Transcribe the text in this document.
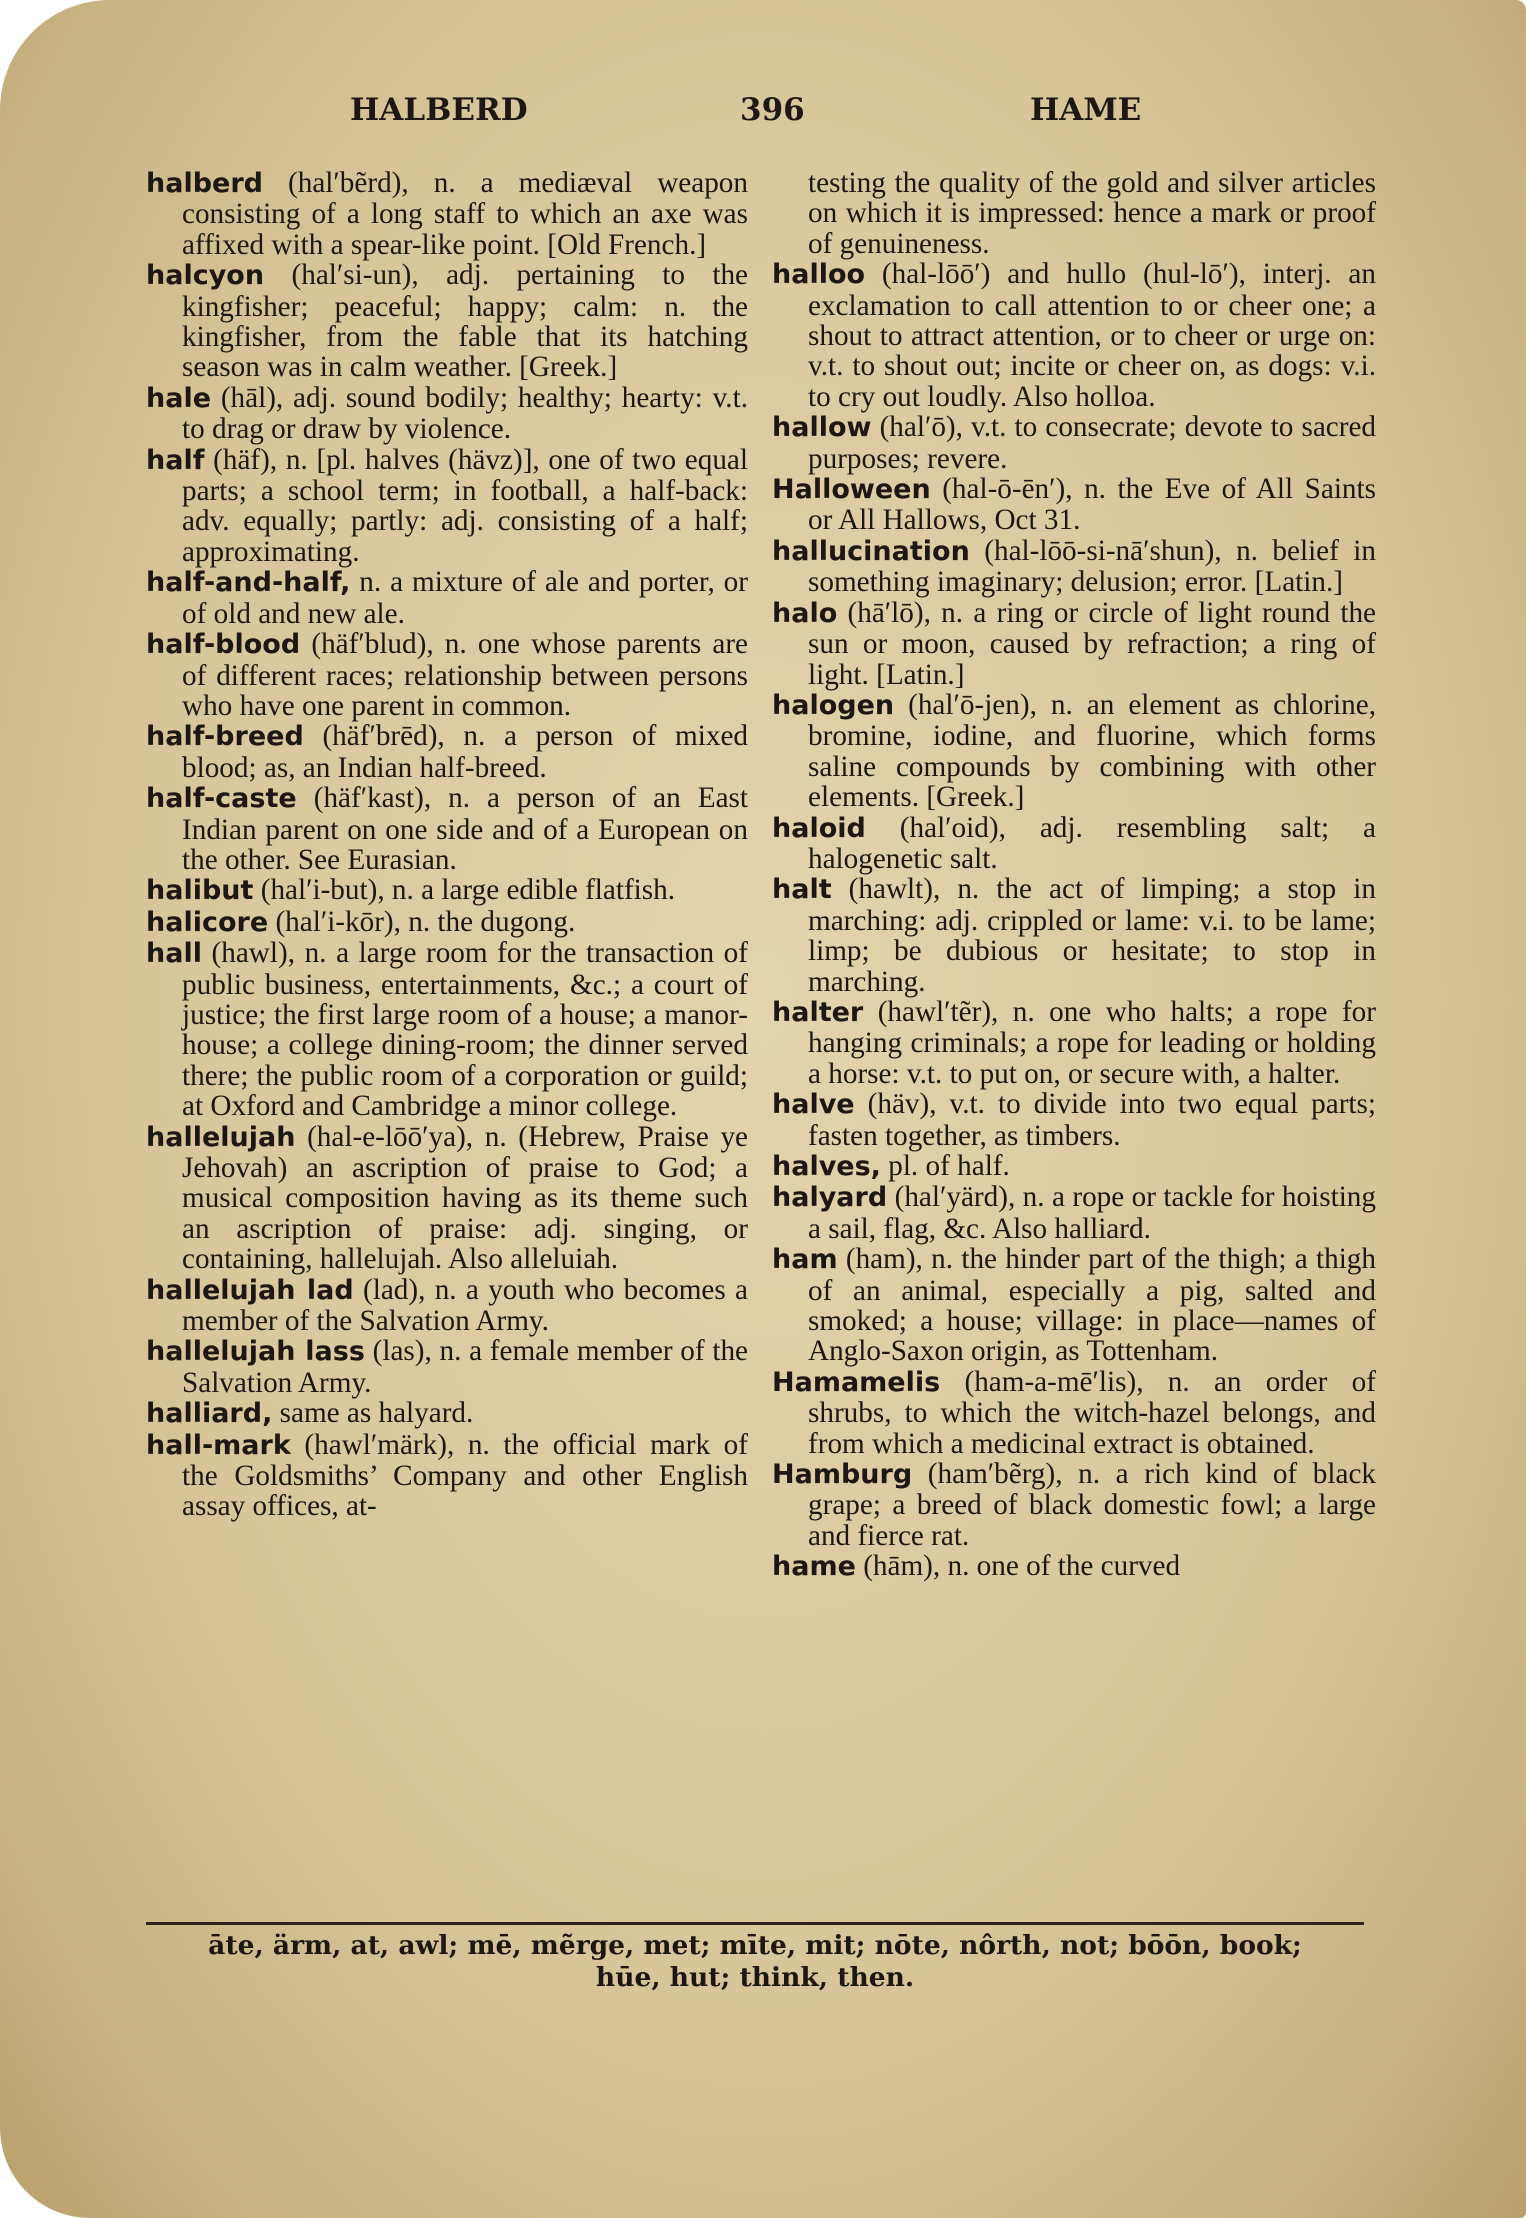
HALBERD	396	HAME

halberd (hal′bẽrd), n. a mediæval weapon consisting of a long staff to which an axe was affixed with a spear-like point. [Old French.]

halcyon (hal′si-un), adj. pertaining to the kingfisher; peaceful; happy; calm: n. the kingfisher, from the fable that its hatching season was in calm weather. [Greek.]

hale (hāl), adj. sound bodily; healthy; hearty: v.t. to drag or draw by violence.

half (häf), n. [pl. halves (hävz)], one of two equal parts; a school term; in football, a half-back: adv. equally; partly: adj. consisting of a half; approximating.

half-and-half, n. a mixture of ale and porter, or of old and new ale.

half-blood (häf′blud), n. one whose parents are of different races; relationship between persons who have one parent in common.

half-breed (häf′brēd), n. a person of mixed blood; as, an Indian half-breed.

half-caste (häf′kast), n. a person of an East Indian parent on one side and of a European on the other. See Eurasian.

halibut (hal′i-but), n. a large edible flatfish.

halicore (hal′i-kōr), n. the dugong.

hall (hawl), n. a large room for the transaction of public business, entertainments, &c.; a court of justice; the first large room of a house; a manor-house; a college dining-room; the dinner served there; the public room of a corporation or guild; at Oxford and Cambridge a minor college.

hallelujah (hal-e-lōō′ya), n. (Hebrew, Praise ye Jehovah) an ascription of praise to God; a musical composition having as its theme such an ascription of praise: adj. singing, or containing, hallelujah. Also alleluiah.

hallelujah lad (lad), n. a youth who becomes a member of the Salvation Army.

hallelujah lass (las), n. a female member of the Salvation Army.

halliard, same as halyard.

hall-mark (hawl′märk), n. the official mark of the Goldsmiths’ Company and other English assay offices, at-

testing the quality of the gold and silver articles on which it is impressed: hence a mark or proof of genuineness.

halloo (hal-lōō′) and hullo (hul-lō′), interj. an exclamation to call attention to or cheer one; a shout to attract attention, or to cheer or urge on: v.t. to shout out; incite or cheer on, as dogs: v.i. to cry out loudly. Also holloa.

hallow (hal′ō), v.t. to consecrate; devote to sacred purposes; revere.

Halloween (hal-ō-ēn′), n. the Eve of All Saints or All Hallows, Oct 31.

hallucination (hal-lōō-si-nā′shun), n. belief in something imaginary; delusion; error. [Latin.]

halo (hā′lō), n. a ring or circle of light round the sun or moon, caused by refraction; a ring of light. [Latin.]

halogen (hal′ō-jen), n. an element as chlorine, bromine, iodine, and fluorine, which forms saline compounds by combining with other elements. [Greek.]

haloid (hal′oid), adj. resembling salt; a halogenetic salt.

halt (hawlt), n. the act of limping; a stop in marching: adj. crippled or lame: v.i. to be lame; limp; be dubious or hesitate; to stop in marching.

halter (hawl′tẽr), n. one who halts; a rope for hanging criminals; a rope for leading or holding a horse: v.t. to put on, or secure with, a halter.

halve (häv), v.t. to divide into two equal parts; fasten together, as timbers.

halves, pl. of half.

halyard (hal′yärd), n. a rope or tackle for hoisting a sail, flag, &c. Also halliard.

ham (ham), n. the hinder part of the thigh; a thigh of an animal, especially a pig, salted and smoked; a house; village: in place—names of Anglo-Saxon origin, as Tottenham.

Hamamelis (ham-a-mē′lis), n. an order of shrubs, to which the witch-hazel belongs, and from which a medicinal extract is obtained.

Hamburg (ham′bẽrg), n. a rich kind of black grape; a breed of black domestic fowl; a large and fierce rat.

hame (hām), n. one of the curved

āte, ärm, at, awl; mē, mẽrge, met; mīte, mit; nōte, nôrth, not; bōōn, book;
hūe, hut; think, then.
